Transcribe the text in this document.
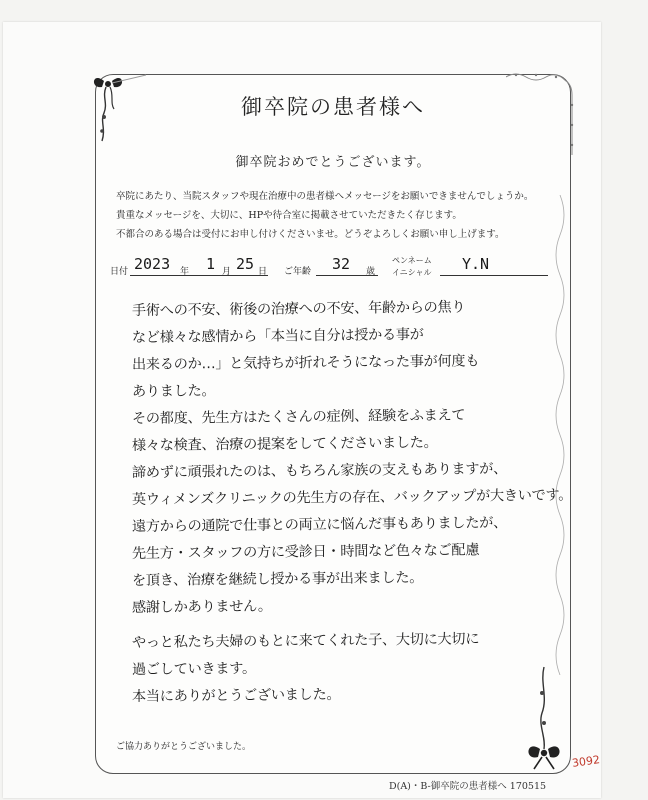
御卒院の患者様へ
御卒院おめでとうございます。
卒院にあたり、当院スタッフや現在治療中の患者様へメッセージをお願いできませんでしょうか。
貴重なメッセージを、大切に、HPや待合室に掲載させていただきたく存じます。
不都合のある場合は受付にお申し付けくださいませ。どうぞよろしくお願い申し上げます。
日付 2023 年 1 月 25 日 ご年齢 32 歳
ペンネーム
イニシャル Y.N
手術への不安、術後の治療への不安、年齢からの焦り
など様々な感情から「本当に自分は授かる事が
出来るのか…」と気持ちが折れそうになった事が何度も
ありました。
その都度、先生方はたくさんの症例、経験をふまえて
様々な検査、治療の提案をしてくださいました。
諦めずに頑張れたのは、もちろん家族の支えもありますが、
英ウィメンズクリニックの先生方の存在、バックアップが大きいです。
遠方からの通院で仕事との両立に悩んだ事もありましたが、
先生方・スタッフの方に受診日・時間など色々なご配慮
を頂き、治療を継続し授かる事が出来ました。
感謝しかありません。
やっと私たち夫婦のもとに来てくれた子、大切に大切に
過ごしていきます。
本当にありがとうございました。
ご協力ありがとうございました。
3092
D(A)・B-御卒院の患者様へ 170515
